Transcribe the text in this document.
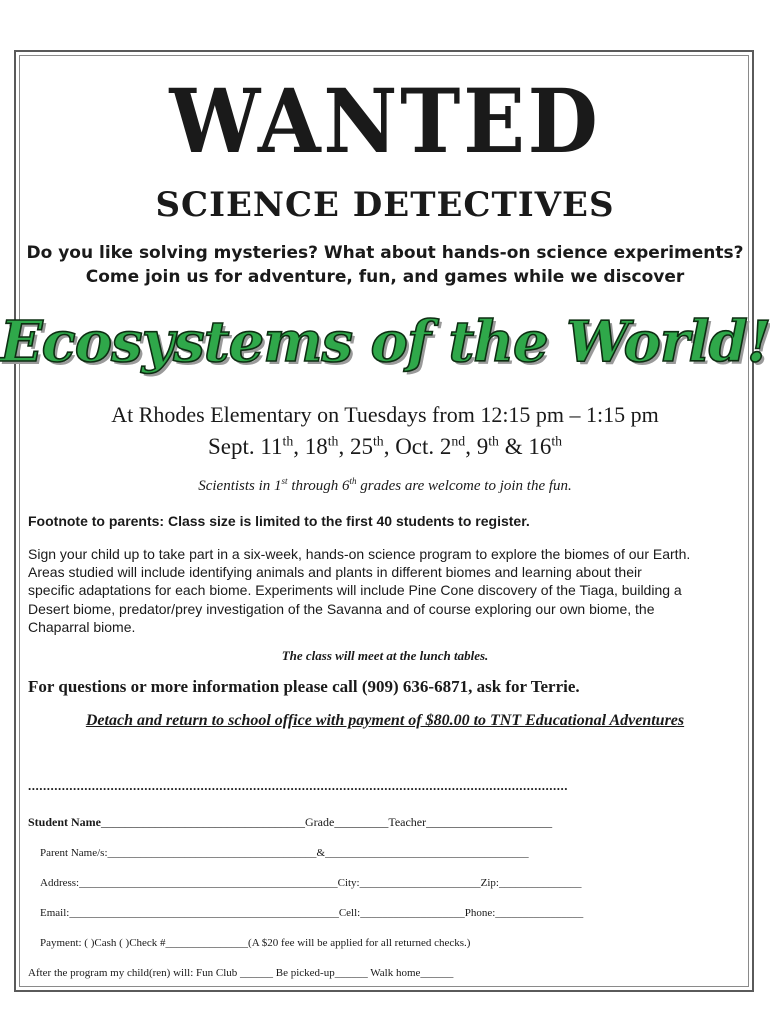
WANTED
SCIENCE DETECTIVES
Do you like solving mysteries? What about hands-on science experiments?
Come join us for adventure, fun, and games while we discover
Ecosystems of the World!
At Rhodes Elementary on Tuesdays from 12:15 pm – 1:15 pm
Sept. 11th, 18th, 25th, Oct. 2nd, 9th & 16th
Scientists in 1st through 6th grades are welcome to join the fun.
Footnote to parents: Class size is limited to the first 40 students to register.
Sign your child up to take part in a six-week, hands-on science program to explore the biomes of our Earth.
Areas studied will include identifying animals and plants in different biomes and learning about their
specific adaptations for each biome. Experiments will include Pine Cone discovery of the Tiaga, building a
Desert biome, predator/prey investigation of the Savanna and of course exploring our own biome, the
Chaparral biome.
The class will meet at the lunch tables.
For questions or more information please call (909) 636-6871, ask for Terrie.
Detach and return to school office with payment of $80.00 to TNT Educational Adventures
................................................................................................................................................
Student Name__________________________________Grade_________Teacher_____________________
Parent Name/s:______________________________________&_____________________________________
Address:_______________________________________________City:______________________Zip:_______________
Email:_________________________________________________Cell:___________________Phone:________________
Payment: ( )Cash ( )Check #_______________(A $20 fee will be applied for all returned checks.)
After the program my child(ren) will: Fun Club ______ Be picked-up______ Walk home______
